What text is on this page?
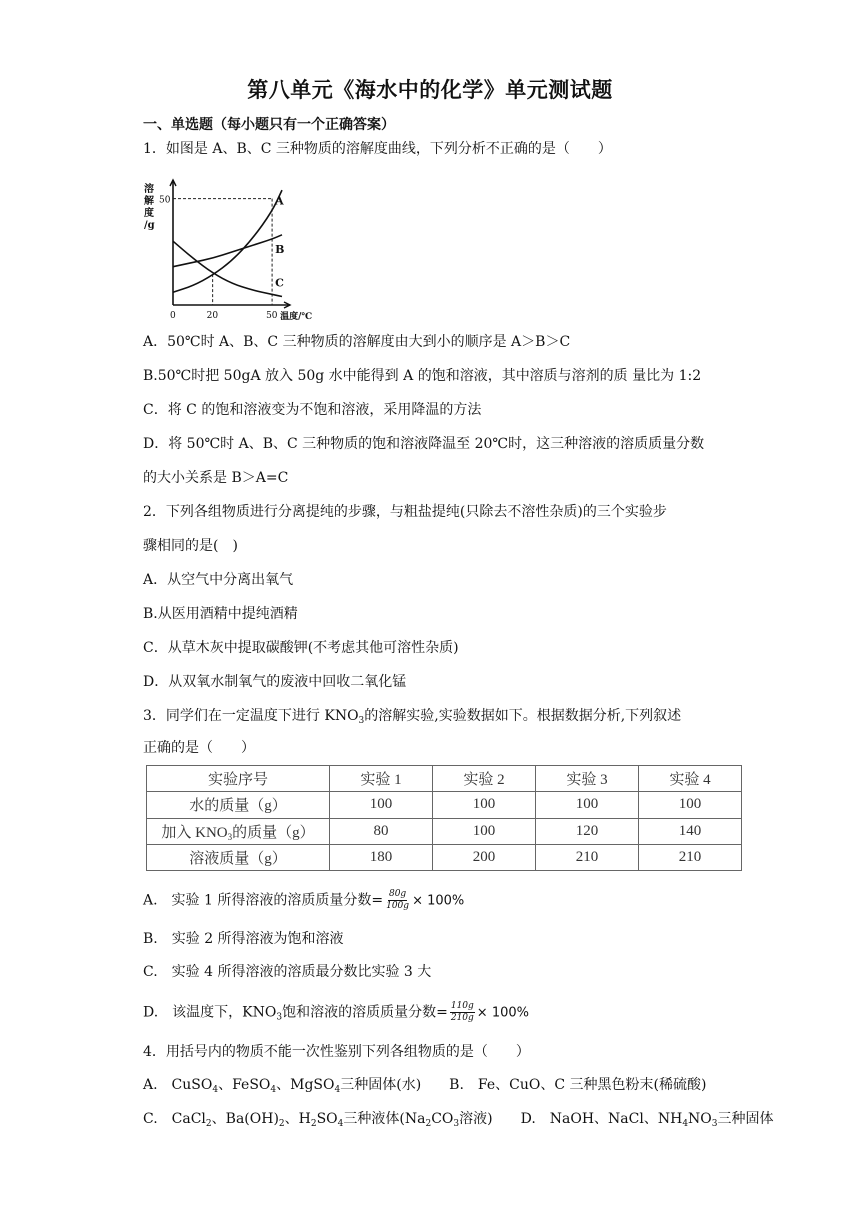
第八单元《海水中的化学》单元测试题
一、单选题（每小题只有一个正确答案）
1．如图是 A、B、C 三种物质的溶解度曲线，下列分析不正确的是（　　）
溶
解
度
/g
50
0	20	50 温度/℃
A
B
C
A．50℃时 A、B、C 三种物质的溶解度由大到小的顺序是 A＞B＞C
B.50℃时把 50gA 放入 50g 水中能得到 A 的饱和溶液，其中溶质与溶剂的质 量比为 1:2
C．将 C 的饱和溶液变为不饱和溶液，采用降温的方法
D．将 50℃时 A、B、C 三种物质的饱和溶液降温至 20℃时，这三种溶液的溶质质量分数
的大小关系是 B＞A=C
2．下列各组物质进行分离提纯的步骤，与粗盐提纯(只除去不溶性杂质)的三个实验步
骤相同的是(　)
A．从空气中分离出氧气
B.从医用酒精中提纯酒精
C．从草木灰中提取碳酸钾(不考虑其他可溶性杂质)
D．从双氧水制氧气的废液中回收二氧化锰
3．同学们在一定温度下进行 $KNO_3$的溶解实验,实验数据如下。根据数据分析,下列叙述
正确的是（　　）
实验序号	实验 1	实验 2	实验 3	实验 4
水的质量（g）	100	100	100	100
加入 $KNO_3$的质量（g）	80	100	120	140
溶液质量（g）	180	200	210	210
A.　实验 1 所得溶液的溶质质量分数= $\frac{80g}{100g} \times 100\%$
B.　实验 2 所得溶液为饱和溶液
C.　实验 4 所得溶液的溶质最分数比实验 3 大
D.　该温度下，$KNO_3$饱和溶液的溶质质量分数= $\frac{110g}{210g} \times 100\%$
4．用括号内的物质不能一次性鉴别下列各组物质的是（　　）
A.　CuSO$_4$、FeSO$_4$、MgSO$_4$三种固体(水)　　B.　Fe、CuO、C 三种黑色粉末(稀硫酸)
C.　CaCl$_2$、$Ba(OH)_2$、$H_2SO_4$三种液体($Na_2CO_3$溶液)　　D.　NaOH、NaCl、$NH_4NO_3$三种固体
